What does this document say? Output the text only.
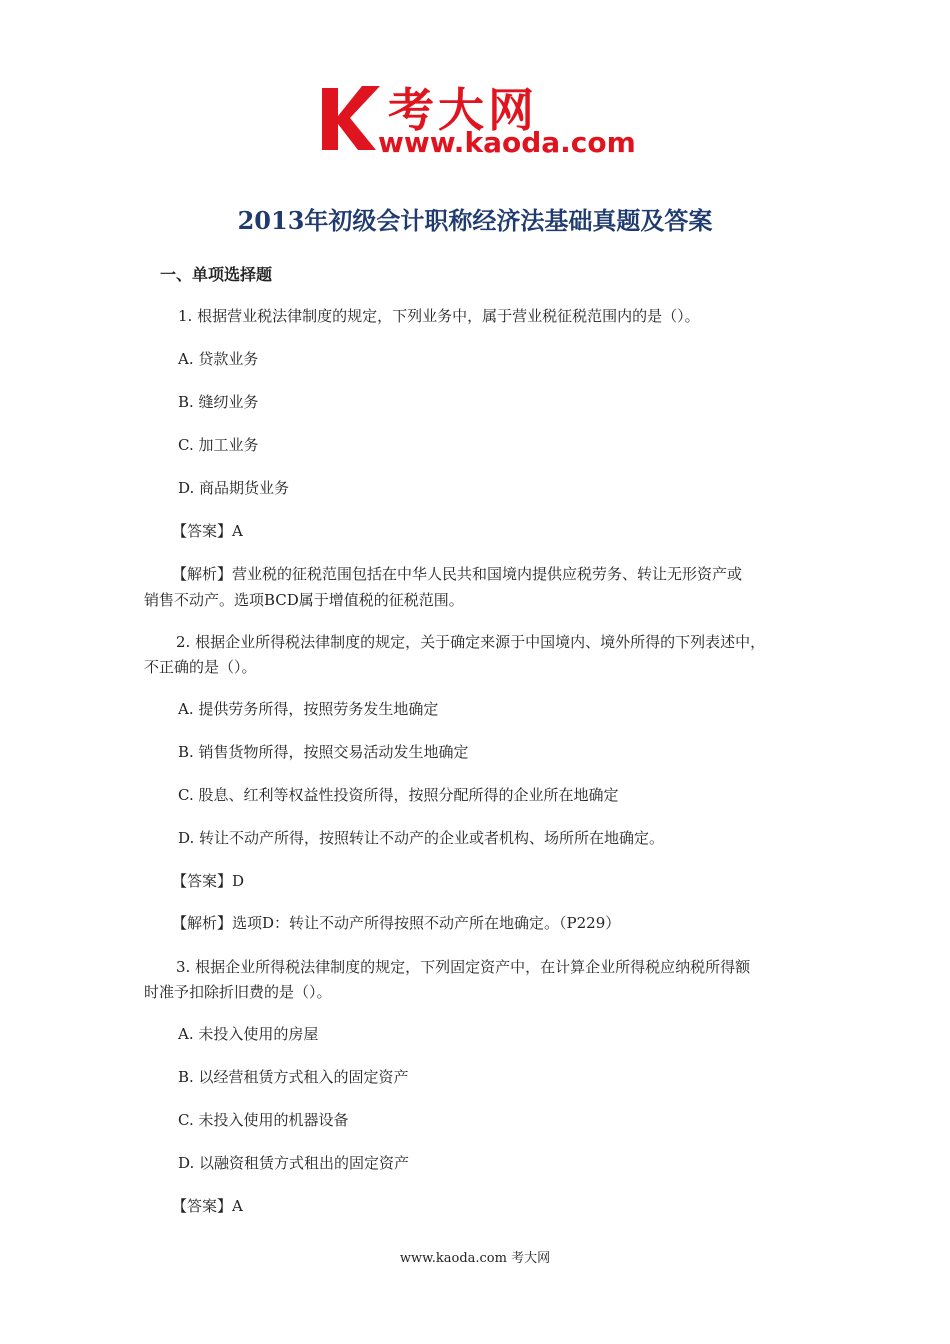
考大网
www.kaoda.com
2013年初级会计职称经济法基础真题及答案
一、单项选择题
1. 根据营业税法律制度的规定，下列业务中，属于营业税征税范围内的是（）。
A. 贷款业务
B. 缝纫业务
C. 加工业务
D. 商品期货业务
【答案】A
【解析】营业税的征税范围包括在中华人民共和国境内提供应税劳务、转让无形资产或
销售不动产。选项BCD属于增值税的征税范围。
2. 根据企业所得税法律制度的规定，关于确定来源于中国境内、境外所得的下列表述中，
不正确的是（）。
A. 提供劳务所得，按照劳务发生地确定
B. 销售货物所得，按照交易活动发生地确定
C. 股息、红利等权益性投资所得，按照分配所得的企业所在地确定
D. 转让不动产所得，按照转让不动产的企业或者机构、场所所在地确定。
【答案】D
【解析】选项D：转让不动产所得按照不动产所在地确定。（P229）
3. 根据企业所得税法律制度的规定，下列固定资产中，在计算企业所得税应纳税所得额
时准予扣除折旧费的是（）。
A. 未投入使用的房屋
B. 以经营租赁方式租入的固定资产
C. 未投入使用的机器设备
D. 以融资租赁方式租出的固定资产
【答案】A
www.kaoda.com 考大网
